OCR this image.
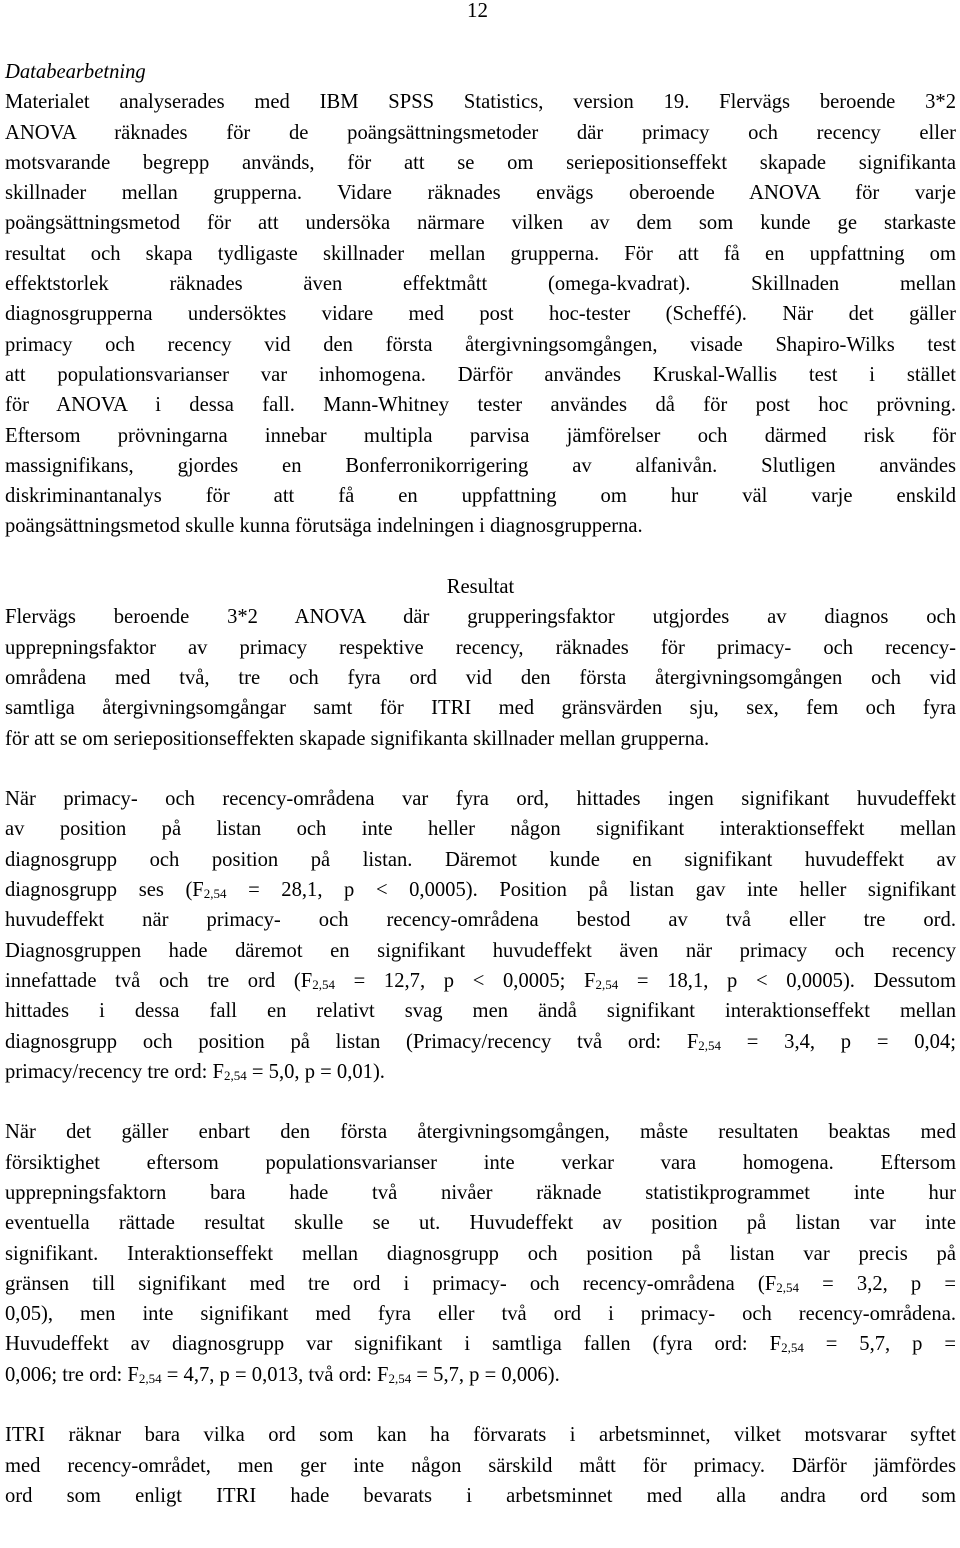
12
Databearbetning
Materialet analyserades med IBM SPSS Statistics, version 19. Flervägs beroende 3*2
ANOVA räknades för de poängsättningsmetoder där primacy och recency eller
motsvarande begrepp används, för att se om seriepositionseffekt skapade signifikanta
skillnader mellan grupperna. Vidare räknades envägs oberoende ANOVA för varje
poängsättningsmetod för att undersöka närmare vilken av dem som kunde ge starkaste
resultat och skapa tydligaste skillnader mellan grupperna. För att få en uppfattning om
effektstorlek räknades även effektmått (omega-kvadrat). Skillnaden mellan
diagnosgrupperna undersöktes vidare med post hoc-tester (Scheffé). När det gäller
primacy och recency vid den första återgivningsomgången, visade Shapiro-Wilks test
att populationsvarianser var inhomogena. Därför användes Kruskal-Wallis test i stället
för ANOVA i dessa fall. Mann-Whitney tester användes då för post hoc prövning.
Eftersom prövningarna innebar multipla parvisa jämförelser och därmed risk för
massignifikans, gjordes en Bonferronikorrigering av alfanivån. Slutligen användes
diskriminantanalys för att få en uppfattning om hur väl varje enskild
poängsättningsmetod skulle kunna förutsäga indelningen i diagnosgrupperna.
Resultat
Flervägs beroende 3*2 ANOVA där grupperingsfaktor utgjordes av diagnos och
upprepningsfaktor av primacy respektive recency, räknades för primacy- och recency-
områdena med två, tre och fyra ord vid den första återgivningsomgången och vid
samtliga återgivningsomgångar samt för ITRI med gränsvärden sju, sex, fem och fyra
för att se om seriepositionseffekten skapade signifikanta skillnader mellan grupperna.
När primacy- och recency-områdena var fyra ord, hittades ingen signifikant huvudeffekt
av position på listan och inte heller någon signifikant interaktionseffekt mellan
diagnosgrupp och position på listan. Däremot kunde en signifikant huvudeffekt av
diagnosgrupp ses ($F_{2,54} = 28,1$, p < 0,0005). Position på listan gav inte heller signifikant
huvudeffekt när primacy- och recency-områdena bestod av två eller tre ord.
Diagnosgruppen hade däremot en signifikant huvudeffekt även när primacy och recency
innefattade två och tre ord ($F_{2,54} = 12,7$, p < 0,0005; $F_{2,54} = 18,1$, p < 0,0005). Dessutom
hittades i dessa fall en relativt svag men ändå signifikant interaktionseffekt mellan
diagnosgrupp och position på listan (Primacy/recency två ord: $F_{2,54} = 3,4$, p = 0,04;
primacy/recency tre ord: $F_{2,54} = 5,0$, p = 0,01).
När det gäller enbart den första återgivningsomgången, måste resultaten beaktas med
försiktighet eftersom populationsvarianser inte verkar vara homogena. Eftersom
upprepningsfaktorn bara hade två nivåer räknade statistikprogrammet inte hur
eventuella rättade resultat skulle se ut. Huvudeffekt av position på listan var inte
signifikant. Interaktionseffekt mellan diagnosgrupp och position på listan var precis på
gränsen till signifikant med tre ord i primacy- och recency-områdena ($F_{2,54} = 3,2$, p =
0,05), men inte signifikant med fyra eller två ord i primacy- och recency-områdena.
Huvudeffekt av diagnosgrupp var signifikant i samtliga fallen (fyra ord: $F_{2,54} = 5,7$, p =
0,006; tre ord: $F_{2,54} = 4,7$, p = 0,013, två ord: $F_{2,54} = 5,7$, p = 0,006).
ITRI räknar bara vilka ord som kan ha förvarats i arbetsminnet, vilket motsvarar syftet
med recency-området, men ger inte någon särskild mått för primacy. Därför jämfördes
ord som enligt ITRI hade bevarats i arbetsminnet med alla andra ord som
